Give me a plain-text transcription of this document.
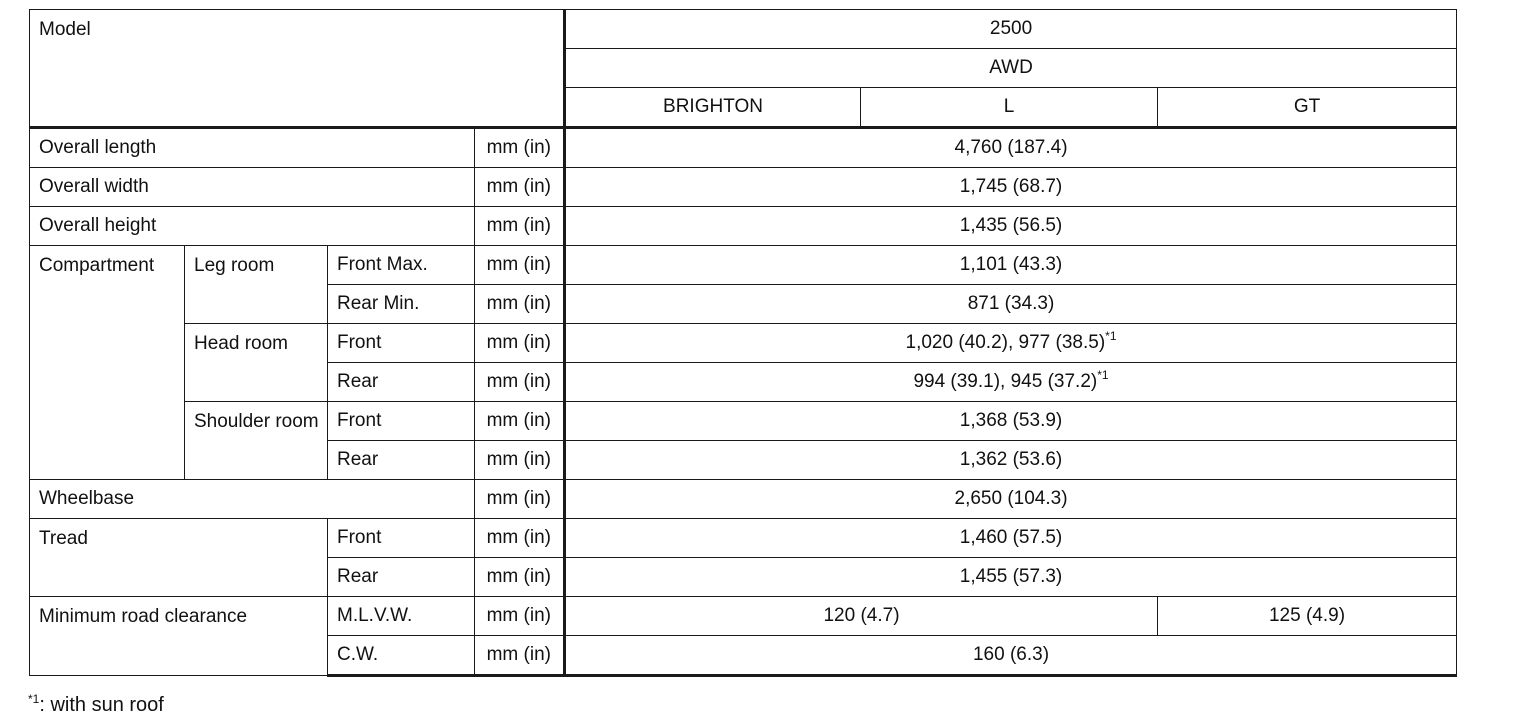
Model				2500		
				AWD		
				BRIGHTON	L	GT
Overall length			mm (in)	4,760 (187.4)		
Overall width			mm (in)	1,745 (68.7)		
Overall height			mm (in)	1,435 (56.5)		
Compartment	Leg room	Front Max.	mm (in)	1,101 (43.3)		
		Rear Min.	mm (in)	871 (34.3)		
	Head room	Front	mm (in)	1,020 (40.2), 977 $(38.5)^{*1}$
		Rear	mm (in)	994 (39.1), 945 $(37.2)^{*1}$
	Shoulder room	Front	mm (in)	1,368 (53.9)		
		Rear	mm (in)	1,362 (53.6)		
Wheelbase			mm (in)	2,650 (104.3)		
Tread		Front	mm (in)	1,460 (57.5)		
		Rear	mm (in)	1,455 (57.3)		
Minimum road clearance		M.L.V.W.	mm (in)	120 (4.7)		125 (4.9)
		C.W.	mm (in)	160 (6.3)		
$^{*1}$: with sun roof
